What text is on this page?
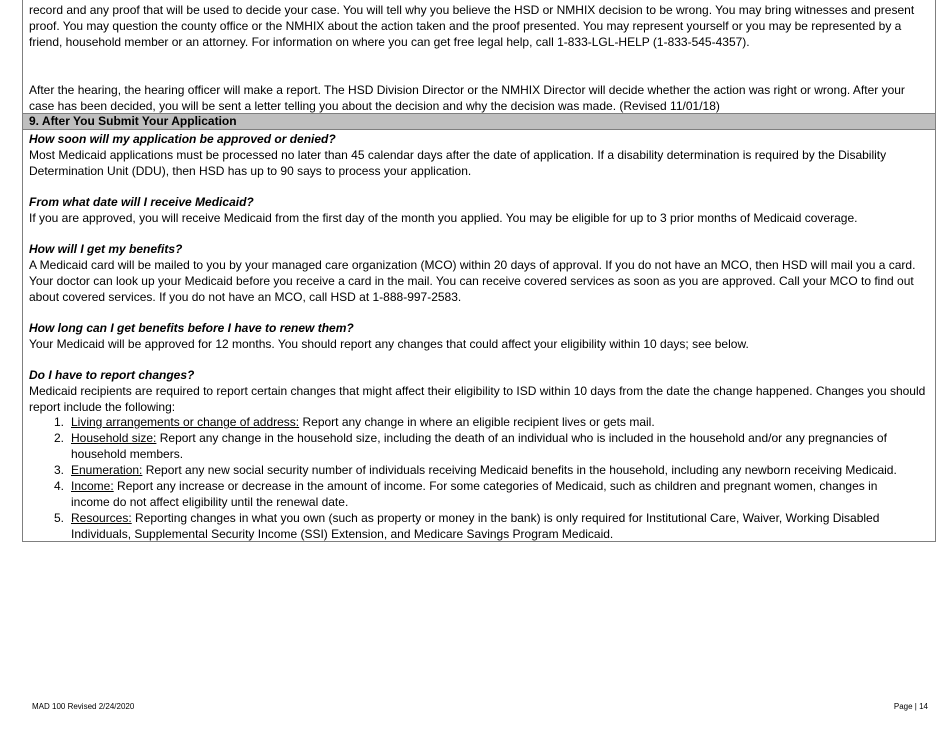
record and any proof that will be used to decide your case. You will tell why you believe the HSD or NMHIX decision to be wrong. You may bring witnesses and present proof. You may question the county office or the NMHIX about the action taken and the proof presented. You may represent yourself or you may be represented by a friend, household member or an attorney. For information on where you can get free legal help, call 1-833-LGL-HELP (1-833-545-4357).

After the hearing, the hearing officer will make a report. The HSD Division Director or the NMHIX Director will decide whether the action was right or wrong. After your case has been decided, you will be sent a letter telling you about the decision and why the decision was made. (Revised 11/01/18)

9. After You Submit Your Application

How soon will my application be approved or denied?

Most Medicaid applications must be processed no later than 45 calendar days after the date of application. If a disability determination is required by the Disability Determination Unit (DDU), then HSD has up to 90 says to process your application.

From what date will I receive Medicaid?

If you are approved, you will receive Medicaid from the first day of the month you applied. You may be eligible for up to 3 prior months of Medicaid coverage.

How will I get my benefits?

A Medicaid card will be mailed to you by your managed care organization (MCO) within 20 days of approval. If you do not have an MCO, then HSD will mail you a card. Your doctor can look up your Medicaid before you receive a card in the mail. You can receive covered services as soon as you are approved. Call your MCO to find out about covered services. If you do not have an MCO, call HSD at 1-888-997-2583.

How long can I get benefits before I have to renew them?

Your Medicaid will be approved for 12 months. You should report any changes that could affect your eligibility within 10 days; see below.

Do I have to report changes?

Medicaid recipients are required to report certain changes that might affect their eligibility to ISD within 10 days from the date the change happened. Changes you should report include the following:

1. Living arrangements or change of address: Report any change in where an eligible recipient lives or gets mail.
2. Household size: Report any change in the household size, including the death of an individual who is included in the household and/or any pregnancies of household members.
3. Enumeration: Report any new social security number of individuals receiving Medicaid benefits in the household, including any newborn receiving Medicaid.
4. Income: Report any increase or decrease in the amount of income. For some categories of Medicaid, such as children and pregnant women, changes in income do not affect eligibility until the renewal date.
5. Resources: Reporting changes in what you own (such as property or money in the bank) is only required for Institutional Care, Waiver, Working Disabled Individuals, Supplemental Security Income (SSI) Extension, and Medicare Savings Program Medicaid.
MAD 100 Revised 2/24/2020	Page | 14
